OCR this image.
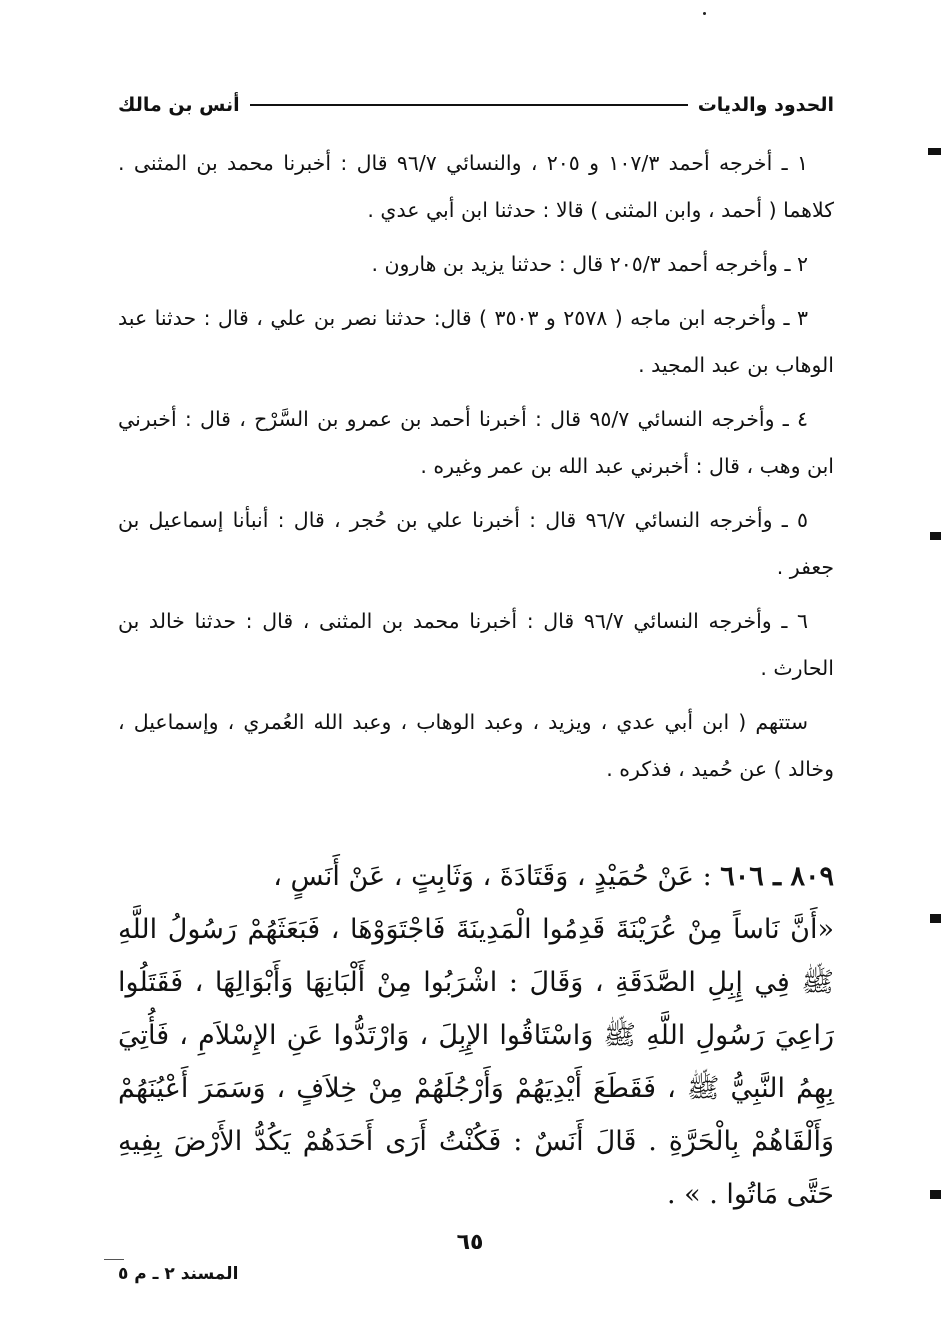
الحدود والديات
أنس بن مالك

١ ـ أخرجه أحمد ١٠٧/٣ و ٢٠٥ ، والنسائي ٩٦/٧ قال : أخبرنا محمد بن المثنى . كلاهما ( أحمد ، وابن المثنى ) قالا : حدثنا ابن أبي عدي .

٢ ـ وأخرجه أحمد ٢٠٥/٣ قال : حدثنا يزيد بن هارون .

٣ ـ وأخرجه ابن ماجه ( ٢٥٧٨ و ٣٥٠٣ ) قال: حدثنا نصر بن علي ، قال : حدثنا عبد الوهاب بن عبد المجيد .

٤ ـ وأخرجه النسائي ٩٥/٧ قال : أخبرنا أحمد بن عمرو بن السَّرْح ، قال : أخبرني ابن وهب ، قال : أخبرني عبد الله بن عمر وغيره .

٥ ـ وأخرجه النسائي ٩٦/٧ قال : أخبرنا علي بن حُجر ، قال : أنبأنا إسماعيل بن جعفر .

٦ ـ وأخرجه النسائي ٩٦/٧ قال : أخبرنا محمد بن المثنى ، قال : حدثنا خالد بن الحارث .

ستتهم ( ابن أبي عدي ، ويزيد ، وعبد الوهاب ، وعبد الله العُمري ، وإسماعيل ، وخالد ) عن حُميد ، فذكره .

٨٠٩ ـ ٦٠٦ : عَنْ حُمَيْدٍ ، وَقَتَادَةَ ، وَثَابِتٍ ، عَنْ أَنَسٍ ،

«أَنَّ نَاساً مِنْ عُرَيْنَةَ قَدِمُوا الْمَدِينَةَ فَاجْتَوَوْهَا ، فَبَعَثَهُمْ رَسُولُ اللَّهِ ﷺ فِي إِبِلِ الصَّدَقَةِ ، وَقَالَ : اشْرَبُوا مِنْ أَلْبَانِهَا وَأَبْوَالِهَا ، فَقَتَلُوا رَاعِيَ رَسُولِ اللَّهِ ﷺ وَاسْتَاقُوا الإِبِلَ ، وَارْتَدُّوا عَنِ الإِسْلاَمِ ، فَأُتِيَ بِهِمُ النَّبِيُّ ﷺ ، فَقَطَعَ أَيْدِيَهُمْ وَأَرْجُلَهُمْ مِنْ خِلاَفٍ ، وَسَمَرَ أَعْيُنَهُمْ وَأَلْقَاهُمْ بِالْحَرَّةِ . قَالَ أَنَسٌ : فَكُنْتُ أَرَى أَحَدَهُمْ يَكُدُّ الأَرْضَ بِفِيهِ حَتَّى مَاتُوا . » .

٦٥
المسند ٢ ـ م ٥
